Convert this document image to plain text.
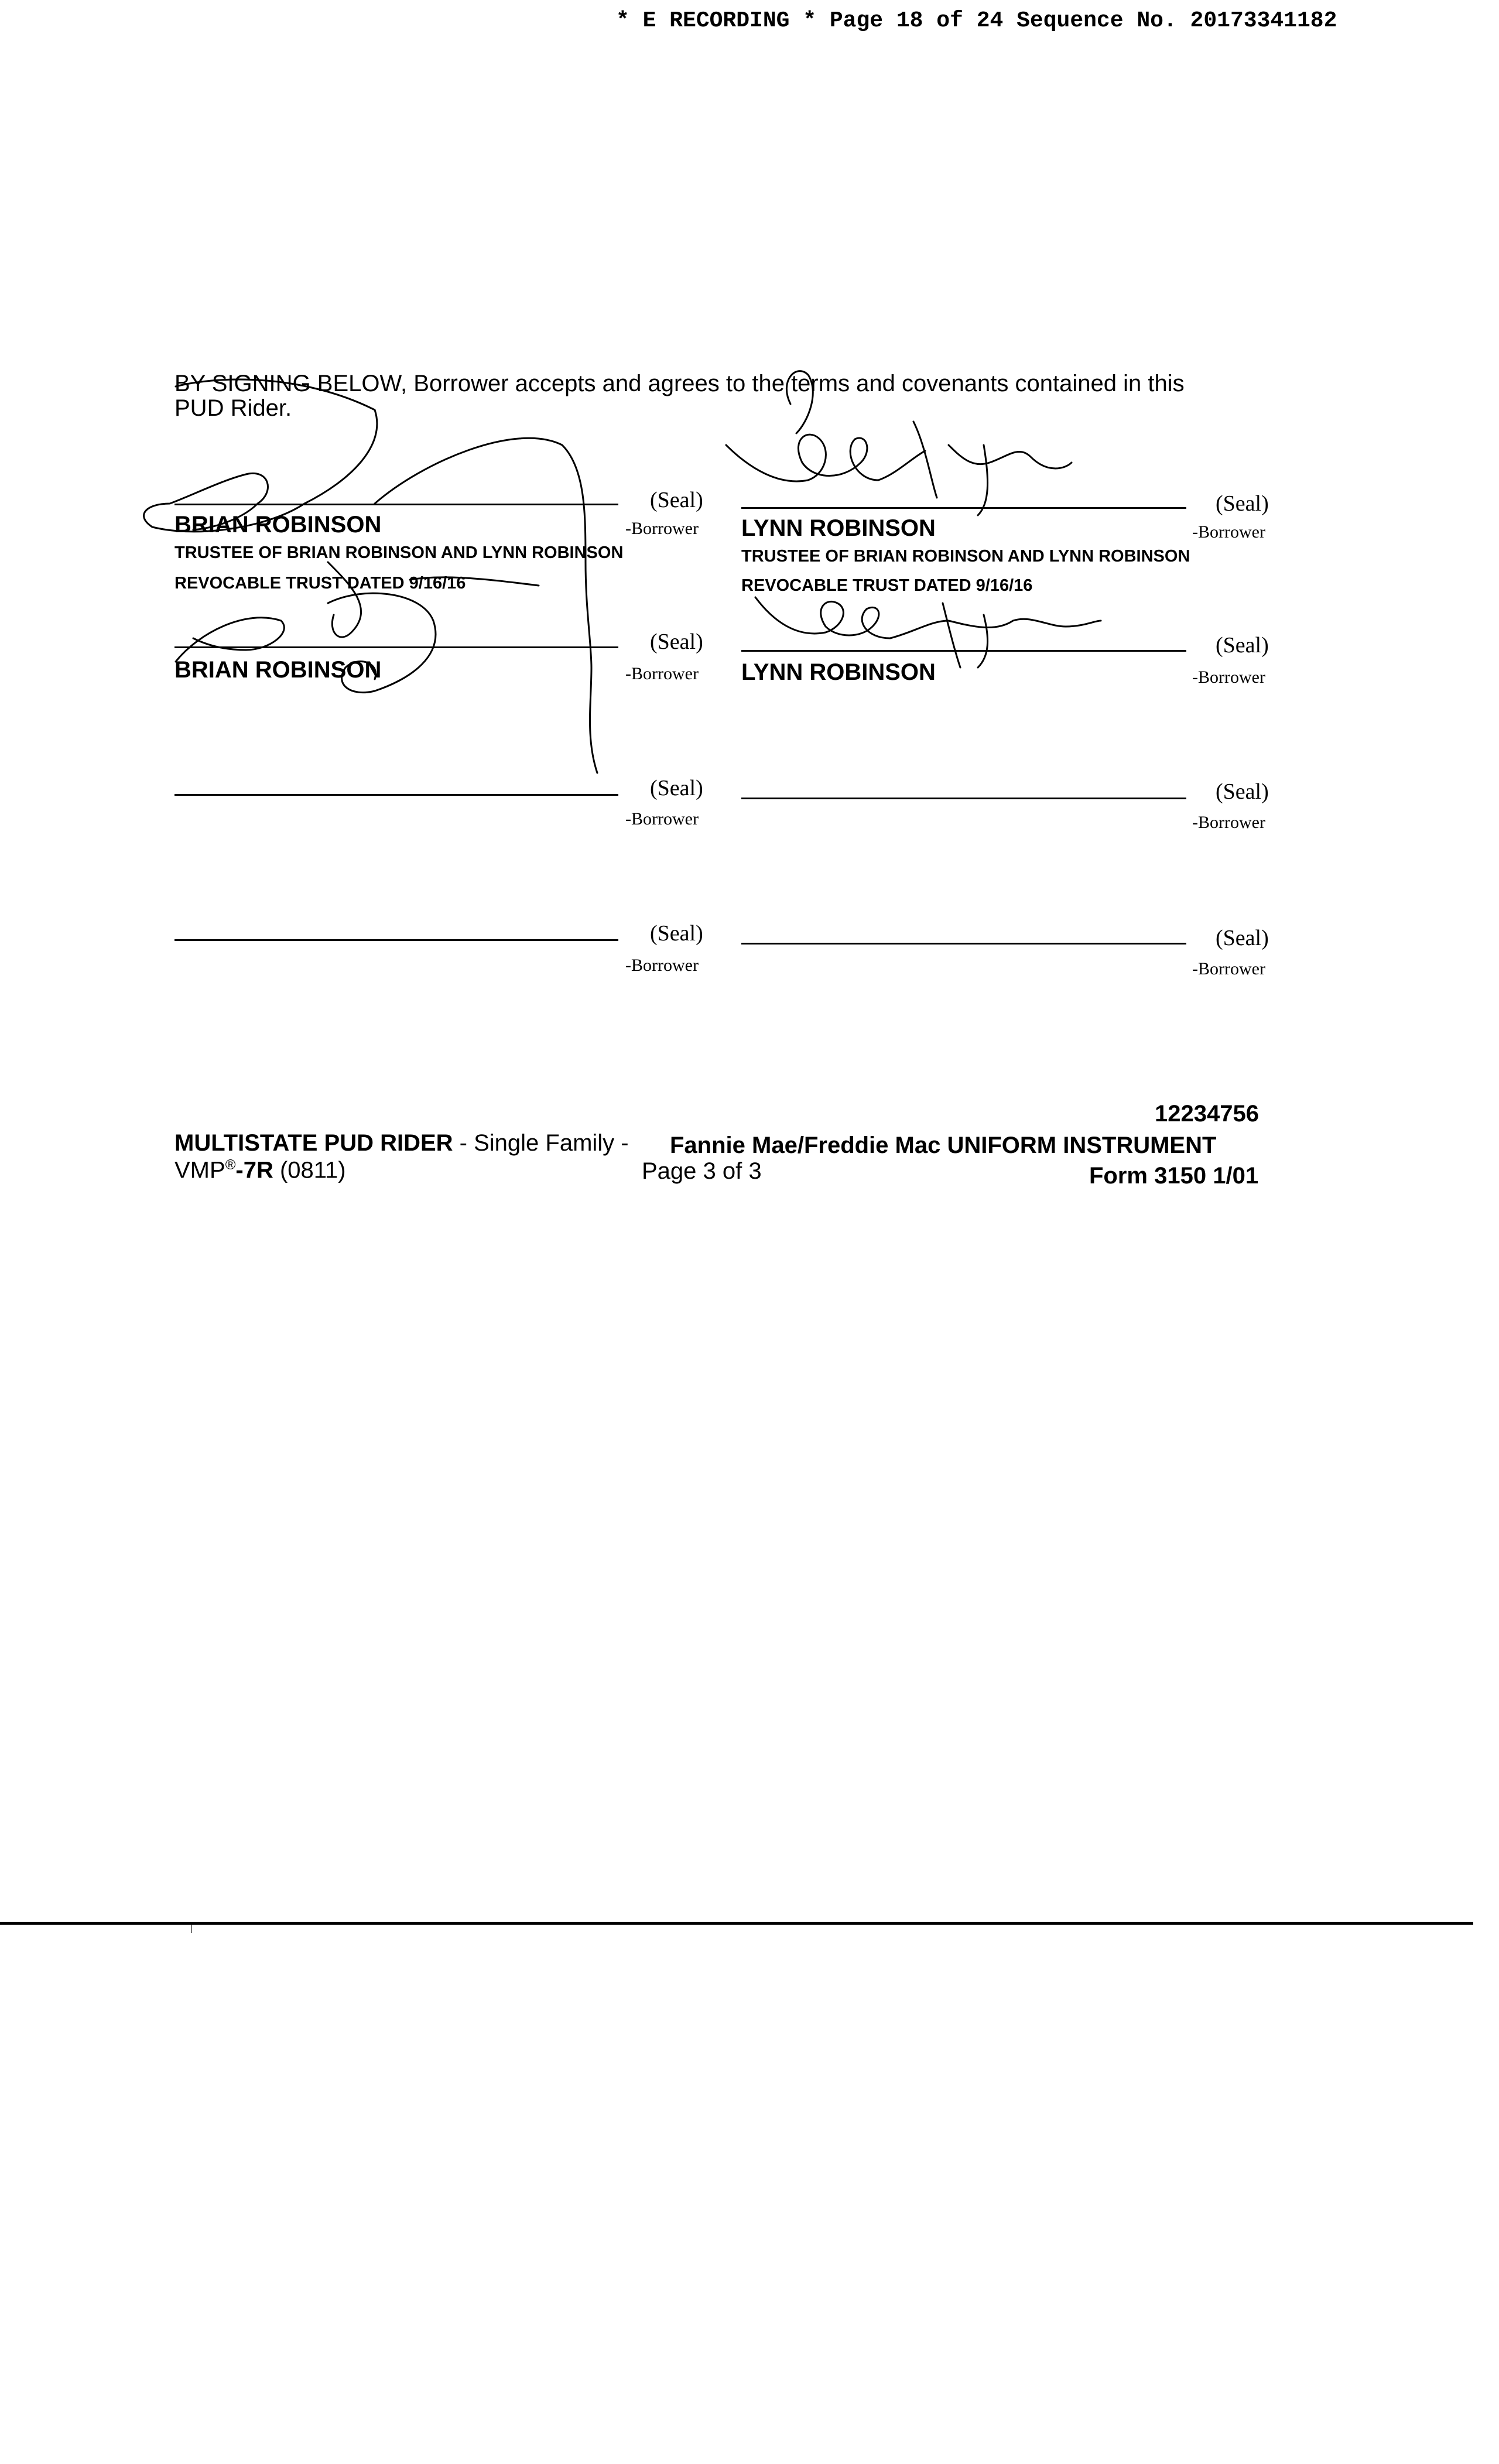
* E RECORDING * Page 18 of 24 Sequence No. 20173341182
BY SIGNING BELOW, Borrower accepts and agrees to the terms and covenants contained in this
PUD Rider.
(Seal)
-Borrower
BRIAN ROBINSON
TRUSTEE OF BRIAN ROBINSON AND LYNN ROBINSON
REVOCABLE TRUST DATED 9/16/16
(Seal)
-Borrower
LYNN ROBINSON
TRUSTEE OF BRIAN ROBINSON AND LYNN ROBINSON
REVOCABLE TRUST DATED 9/16/16
(Seal)
-Borrower
BRIAN ROBINSON
(Seal)
-Borrower
LYNN ROBINSON
(Seal)
-Borrower
(Seal)
-Borrower
(Seal)
-Borrower
(Seal)
-Borrower
12234756
MULTISTATE PUD RIDER - Single Family - Fannie Mae/Freddie Mac UNIFORM INSTRUMENT
VMP®-7R (0811)	Page 3 of 3	Form 3150 1/01
